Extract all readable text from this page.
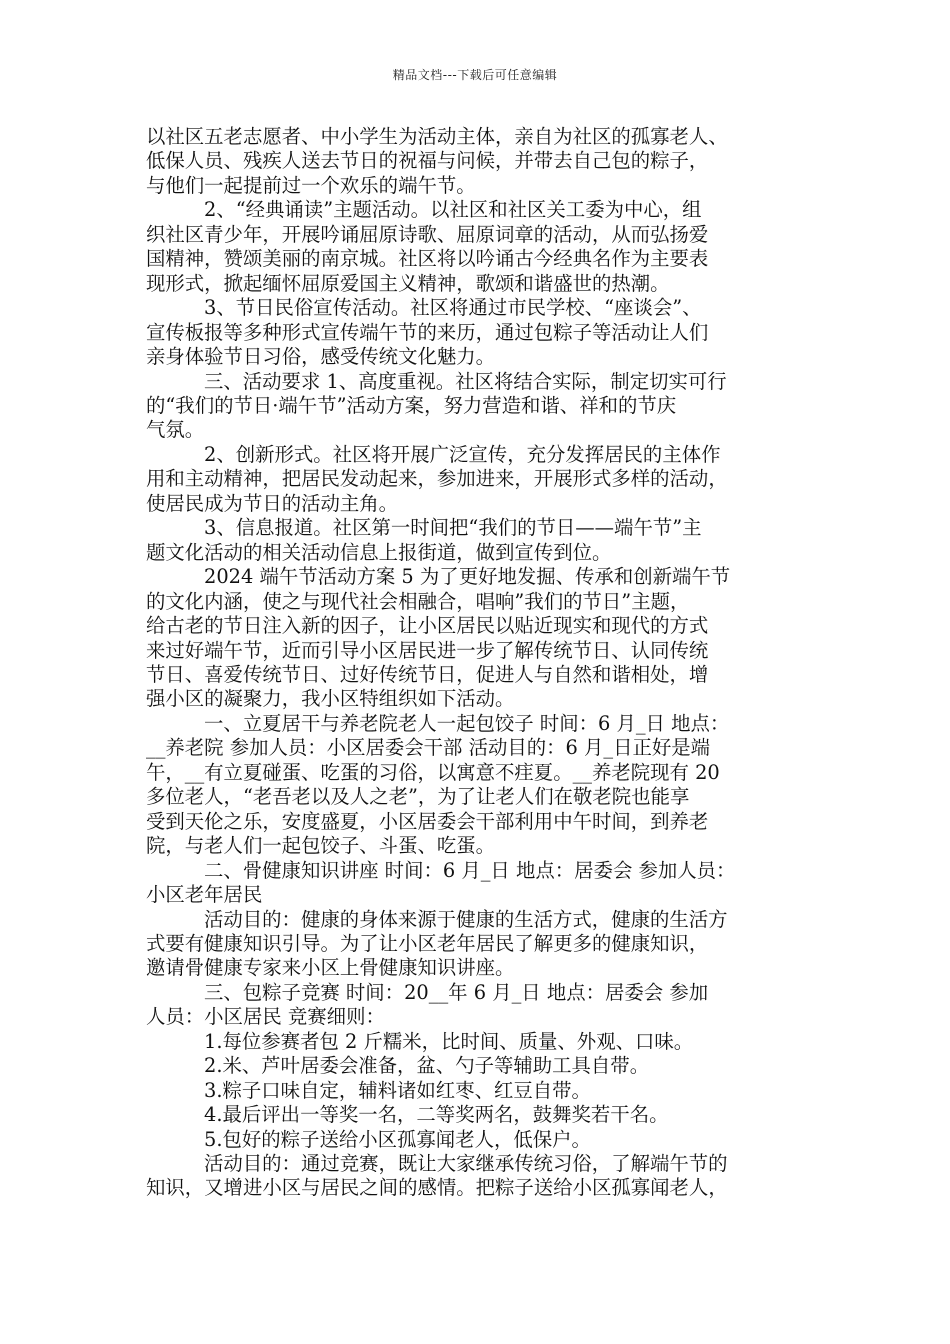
精品文档---下载后可任意编辑

以社区五老志愿者、中小学生为活动主体，亲自为社区的孤寡老人、

低保人员、残疾人送去节日的祝福与问候，并带去自己包的粽子，

与他们一起提前过一个欢乐的端午节。

2、“经典诵读”主题活动。以社区和社区关工委为中心，组

织社区青少年，开展吟诵屈原诗歌、屈原词章的活动，从而弘扬爱

国精神，赞颂美丽的南京城。社区将以吟诵古今经典名作为主要表

现形式，掀起缅怀屈原爱国主义精神，歌颂和谐盛世的热潮。

3、节日民俗宣传活动。社区将通过市民学校、“座谈会”、

宣传板报等多种形式宣传端午节的来历，通过包粽子等活动让人们

亲身体验节日习俗，感受传统文化魅力。

三、活动要求 1、高度重视。社区将结合实际，制定切实可行

的“我们的节日·端午节”活动方案，努力营造和谐、祥和的节庆

气氛。

2、创新形式。社区将开展广泛宣传，充分发挥居民的主体作

用和主动精神，把居民发动起来，参加进来，开展形式多样的活动，

使居民成为节日的活动主角。

3、信息报道。社区第一时间把“我们的节日——端午节”主

题文化活动的相关活动信息上报街道，做到宣传到位。

2024 端午节活动方案 5 为了更好地发掘、传承和创新端午节

的文化内涵，使之与现代社会相融合，唱响”我们的节日”主题，

给古老的节日注入新的因子，让小区居民以贴近现实和现代的方式

来过好端午节，近而引导小区居民进一步了解传统节日、认同传统

节日、喜爱传统节日、过好传统节日，促进人与自然和谐相处，增

强小区的凝聚力，我小区特组织如下活动。

一、立夏居干与养老院老人一起包饺子 时间：6 月_日 地点：

__养老院 参加人员：小区居委会干部 活动目的：6 月_日正好是端

午，__有立夏碰蛋、吃蛋的习俗，以寓意不疰夏。__养老院现有 20

多位老人，“老吾老以及人之老”，为了让老人们在敬老院也能享

受到天伦之乐，安度盛夏，小区居委会干部利用中午时间，到养老

院，与老人们一起包饺子、斗蛋、吃蛋。

二、骨健康知识讲座 时间：6 月_日 地点：居委会 参加人员：

小区老年居民

活动目的：健康的身体来源于健康的生活方式，健康的生活方

式要有健康知识引导。为了让小区老年居民了解更多的健康知识，

邀请骨健康专家来小区上骨健康知识讲座。

三、包粽子竞赛 时间：20__年 6 月_日 地点：居委会 参加

人员：小区居民 竞赛细则：

1.每位参赛者包 2 斤糯米，比时间、质量、外观、口味。

2.米、芦叶居委会准备，盆、勺子等辅助工具自带。

3.粽子口味自定，辅料诸如红枣、红豆自带。

4.最后评出一等奖一名，二等奖两名，鼓舞奖若干名。

5.包好的粽子送给小区孤寡闻老人，低保户。

活动目的：通过竞赛，既让大家继承传统习俗，了解端午节的

知识，又增进小区与居民之间的感情。把粽子送给小区孤寡闻老人，
